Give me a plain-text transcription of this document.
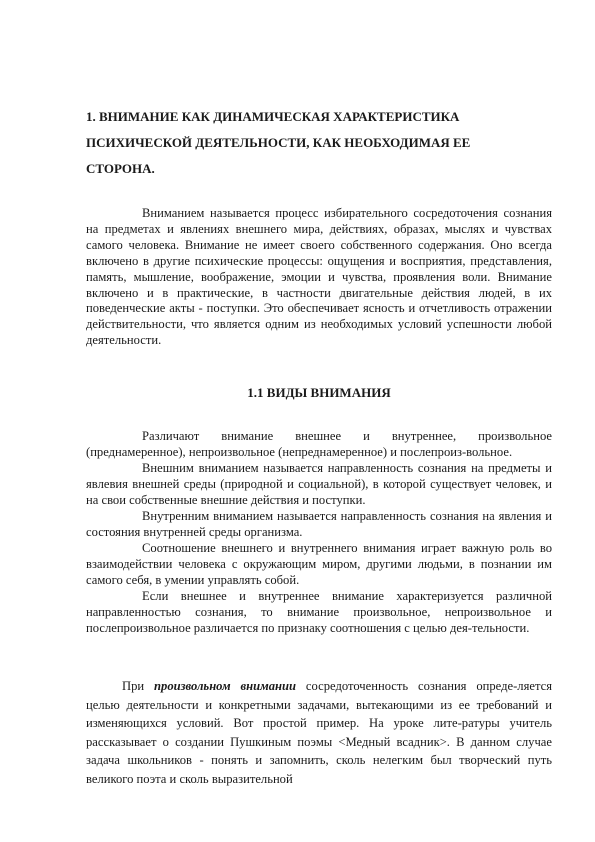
1. ВНИМАНИЕ КАК ДИНАМИЧЕСКАЯ ХАРАКТЕРИСТИКА ПСИХИЧЕСКОЙ ДЕЯТЕЛЬНОСТИ, КАК НЕОБХОДИМАЯ ЕЕ СТОРОНА.

Вниманием называется процесс избирательного сосредоточения сознания на предметах и явлениях внешнего мира, действиях, образах, мыслях и чувствах самого человека. Внимание не имеет своего собственного содержания. Оно всегда включено в другие психические процессы: ощущения и восприятия, представления, память, мышление, воображение, эмоции и чувства, проявления воли. Внимание включено и в практические, в частности двигательные действия людей, в их поведенческие акты - поступки. Это обеспечивает ясность и отчетливость отражении действительности, что является одним из необходимых условий успешности любой деятельности.

1.1 ВИДЫ ВНИМАНИЯ

Различают внимание внешнее и внутреннее, произвольное (преднамеренное), непроизвольное (непреднамеренное) и послепроиз-вольное.

Внешним вниманием называется направленность сознания на предметы и явлевия внешней среды (природной и социальной), в которой существует человек, и на свои собственные внешние действия и поступки.

Внутренним вниманием называется направленность сознания на явления и состояния внутренней среды организма.

Соотношение внешнего и внутреннего внимания играет важную роль во взаимодействии человека с окружающим миром, другими людьми, в познании им самого себя, в умении управлять собой.

Если внешнее и внутреннее внимание характеризуется различной направленностью сознания, то внимание произвольное, непроизвольное и послепроизвольное различается по признаку соотношения с целью дея-тельности.

При произвольном внимании сосредоточенность сознания опреде-ляется целью деятельности и конкретными задачами, вытекающими из ее требований и изменяющихся условий. Вот простой пример. На уроке лите-ратуры учитель рассказывает о создании Пушкиным поэмы <Медный всадник>. В данном случае задача школьников - понять и запомнить, сколь нелегким был творческий путь великого поэта и сколь выразительной
